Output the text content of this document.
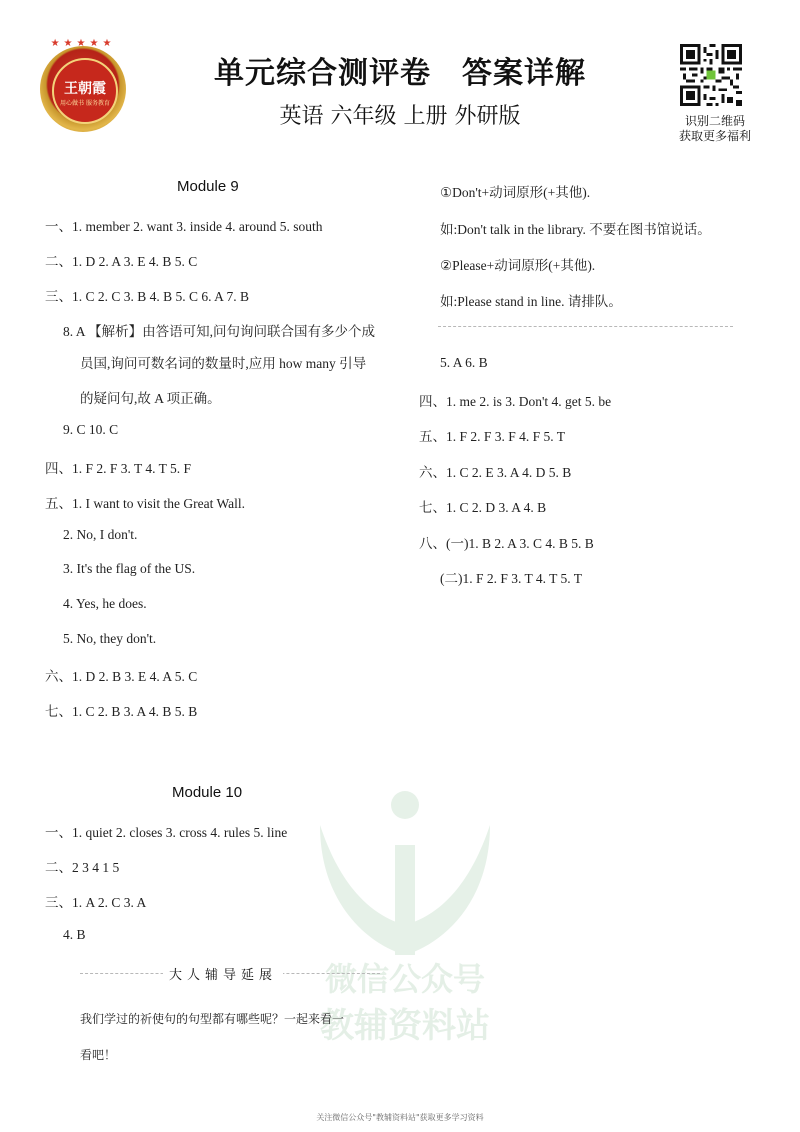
★★★★★
王朝霞
用心做书 服务教育
单元综合测评卷　答案详解
英语 六年级 上册 外研版	识别二维码
获取更多福利
微信公众号
教辅资料站
Module 9
一、1. member 2. want 3. inside 4. around 5. south
二、1. D 2. A 3. E 4. B 5. C
三、1. C 2. C 3. B 4. B 5. C 6. A 7. B
8. A 【解析】由答语可知,问句询问联合国有多少个成
员国,询问可数名词的数量时,应用 how many 引导
的疑问句,故 A 项正确。
9. C 10. C
四、1. F 2. F 3. T 4. T 5. F
五、1. I want to visit the Great Wall.
2. No, I don't.
3. It's the flag of the US.
4. Yes, he does.
5. No, they don't.
六、1. D 2. B 3. E 4. A 5. C
七、1. C 2. B 3. A 4. B 5. B
Module 10
一、1. quiet 2. closes 3. cross 4. rules 5. line
二、2 3 4 1 5
三、1. A 2. C 3. A
4. B
大人辅导延展
我们学过的祈使句的句型都有哪些呢？一起来看一
看吧！
①Don't+动词原形(+其他).
如:Don't talk in the library. 不要在图书馆说话。
②Please+动词原形(+其他).
如:Please stand in line. 请排队。
5. A 6. B
四、1. me 2. is 3. Don't 4. get 5. be
五、1. F 2. F 3. F 4. F 5. T
六、1. C 2. E 3. A 4. D 5. B
七、1. C 2. D 3. A 4. B
八、(一)1. B 2. A 3. C 4. B 5. B
(二)1. F 2. F 3. T 4. T 5. T
关注微信公众号"教辅资料站"获取更多学习资料
